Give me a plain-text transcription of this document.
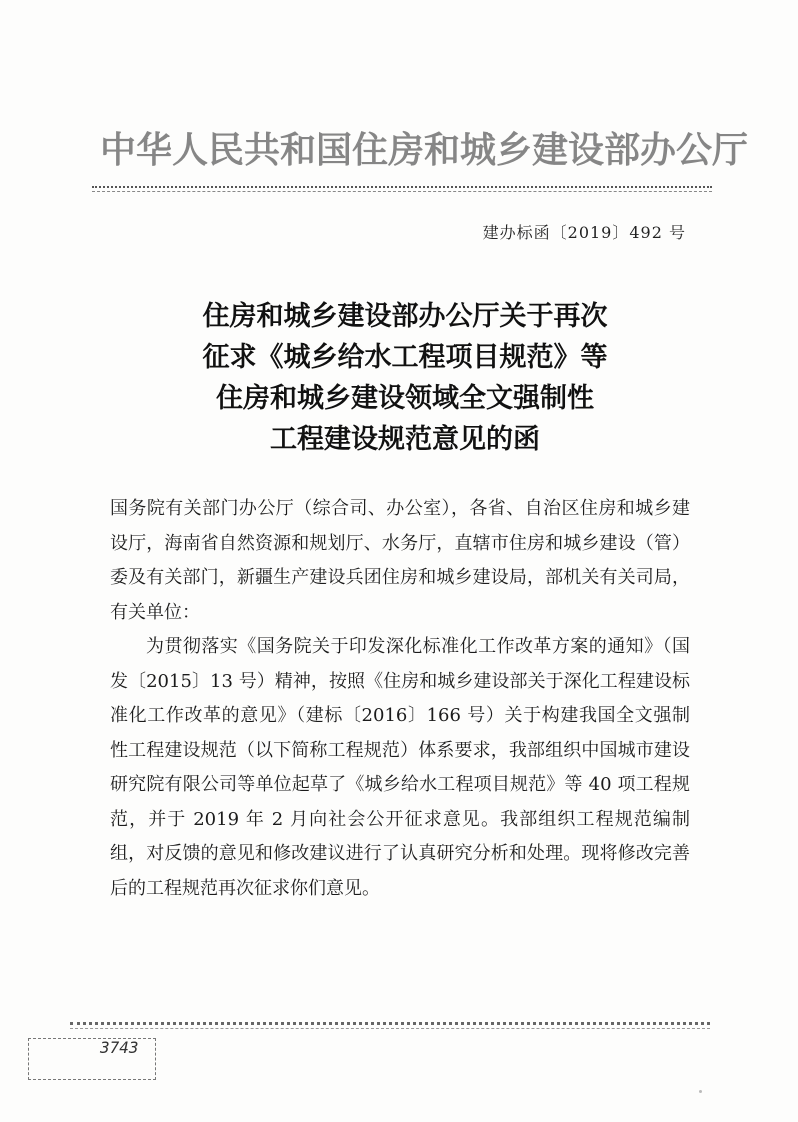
中华人民共和国住房和城乡建设部办公厅
建办标函〔2019〕492 号
住房和城乡建设部办公厅关于再次
征求《城乡给水工程项目规范》等
住房和城乡建设领域全文强制性
工程建设规范意见的函

国务院有关部门办公厅（综合司、办公室），各省、自治区住房和城乡建设厅，海南省自然资源和规划厅、水务厅，直辖市住房和城乡建设（管）委及有关部门，新疆生产建设兵团住房和城乡建设局，部机关有关司局，有关单位：

为贯彻落实《国务院关于印发深化标准化工作改革方案的通知》（国发〔2015〕13 号）精神，按照《住房和城乡建设部关于深化工程建设标准化工作改革的意见》（建标〔2016〕166 号）关于构建我国全文强制性工程建设规范（以下简称工程规范）体系要求，我部组织中国城市建设研究院有限公司等单位起草了《城乡给水工程项目规范》等 40 项工程规范，并于 2019 年 2 月向社会公开征求意见。我部组织工程规范编制组，对反馈的意见和修改建议进行了认真研究分析和处理。现将修改完善后的工程规范再次征求你们意见。

3743
